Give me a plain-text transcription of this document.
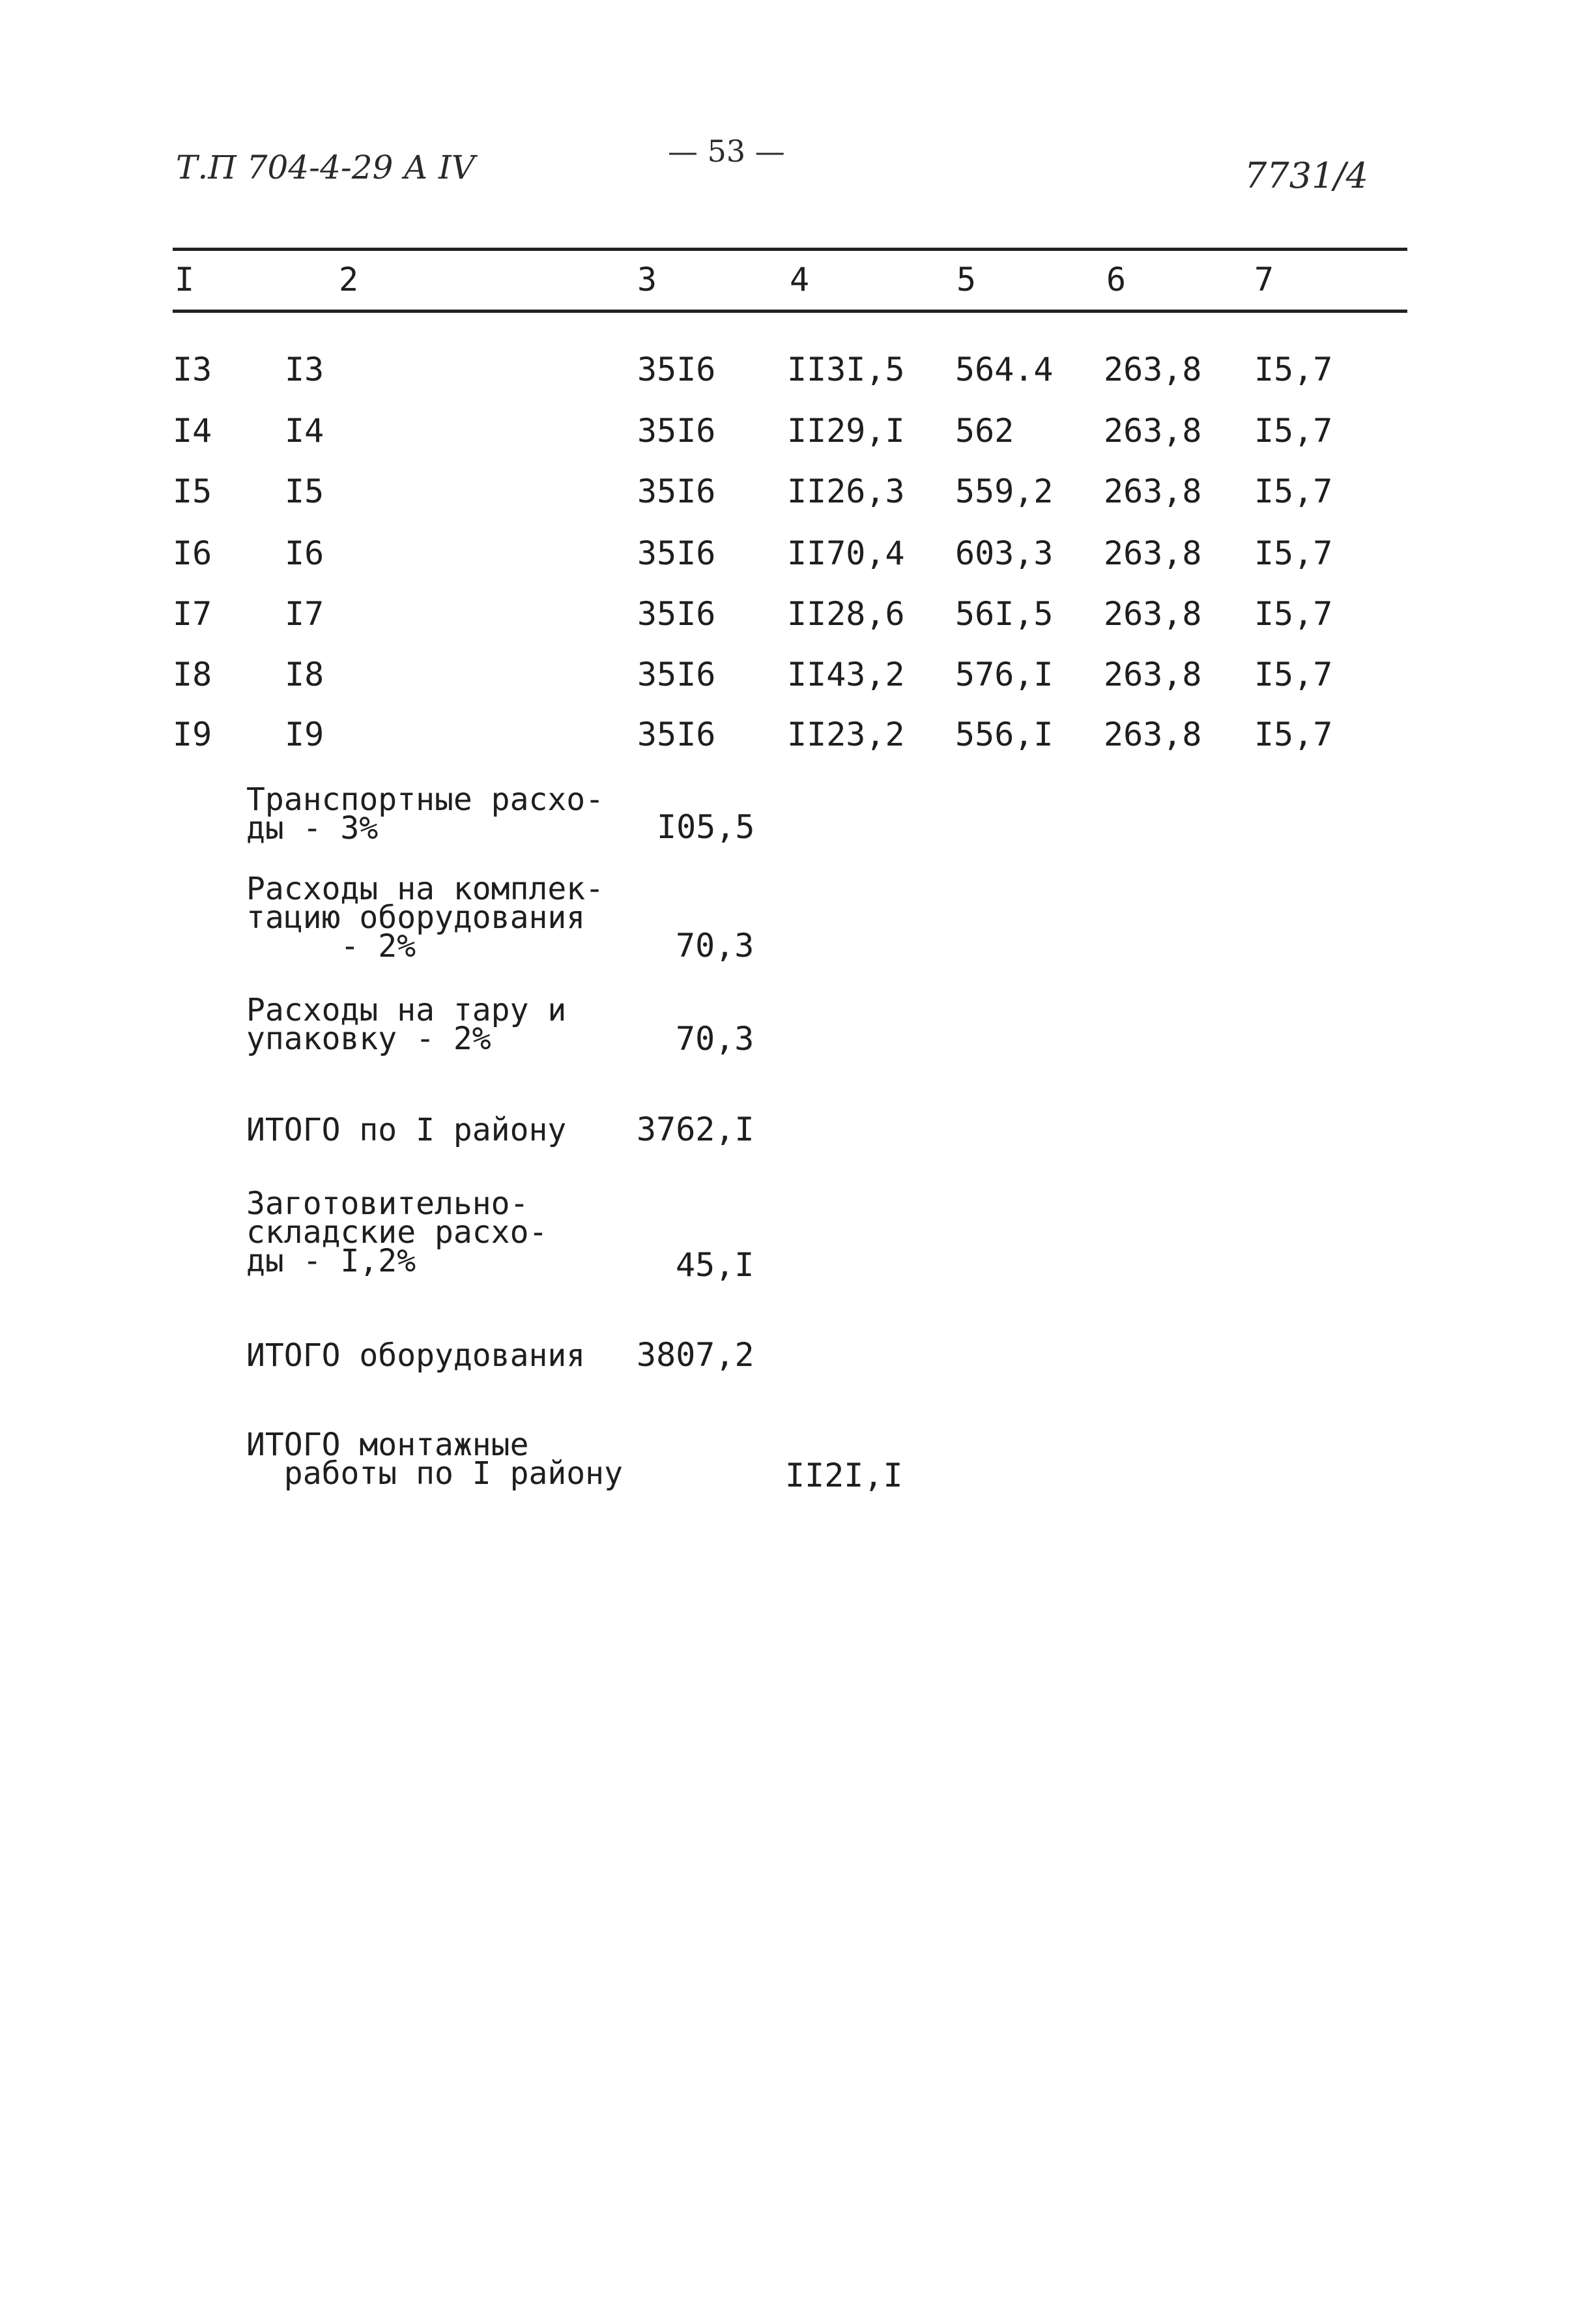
Т.П 704-4-29 А IV	— 53 —
7731/4
I	2	3	4	5	6	7
I3 I3	35I6 II3I,5 564.4 263,8 I5,7
I4 I4	35I6 II29,I 562	263,8 I5,7
I5 I5	35I6 II26,3 559,2 263,8 I5,7
I6 I6	35I6 II70,4 603,3 263,8 I5,7
I7 I7	35I6 II28,6 56I,5 263,8 I5,7
I8 I8	35I6 II43,2 576,I 263,8 I5,7
I9 I9	35I6 II23,2 556,I 263,8 I5,7
Транспортные расхо-
ды - 3%	I05,5
Расходы на комплек-
тацию оборудования
- 2%	70,3
Расходы на тару и
упаковку - 2%	70,3
ИТОГО по I району 3762,I
Заготовительно-
складские расхо-
ды - I,2%	45,I
ИТОГО оборудования 3807,2
ИТОГО монтажные
работы по I району	II2I,I
